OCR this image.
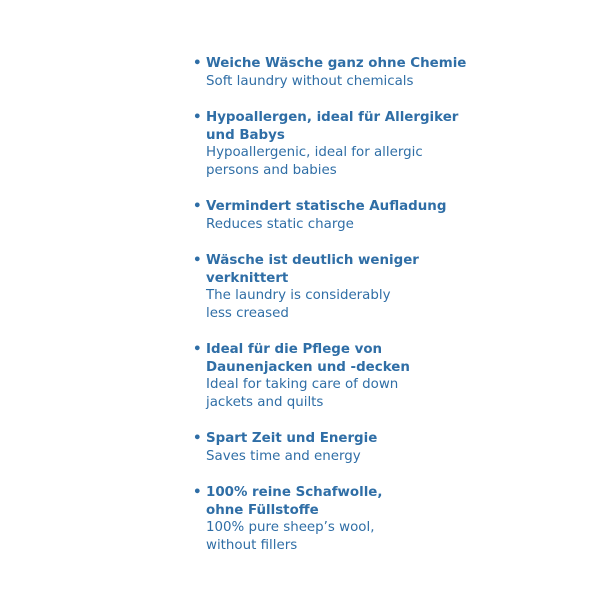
• Weiche Wäsche ganz ohne Chemie
Soft laundry without chemicals
• Hypoallergen, ideal für Allergiker
und Babys
Hypoallergenic, ideal for allergic
persons and babies
• Vermindert statische Aufladung
Reduces static charge
• Wäsche ist deutlich weniger
verknittert
The laundry is considerably
less creased
• Ideal für die Pflege von
Daunenjacken und -decken
Ideal for taking care of down
jackets and quilts
• Spart Zeit und Energie
Saves time and energy
• 100% reine Schafwolle,
ohne Füllstoffe
100% pure sheep’s wool,
without fillers
